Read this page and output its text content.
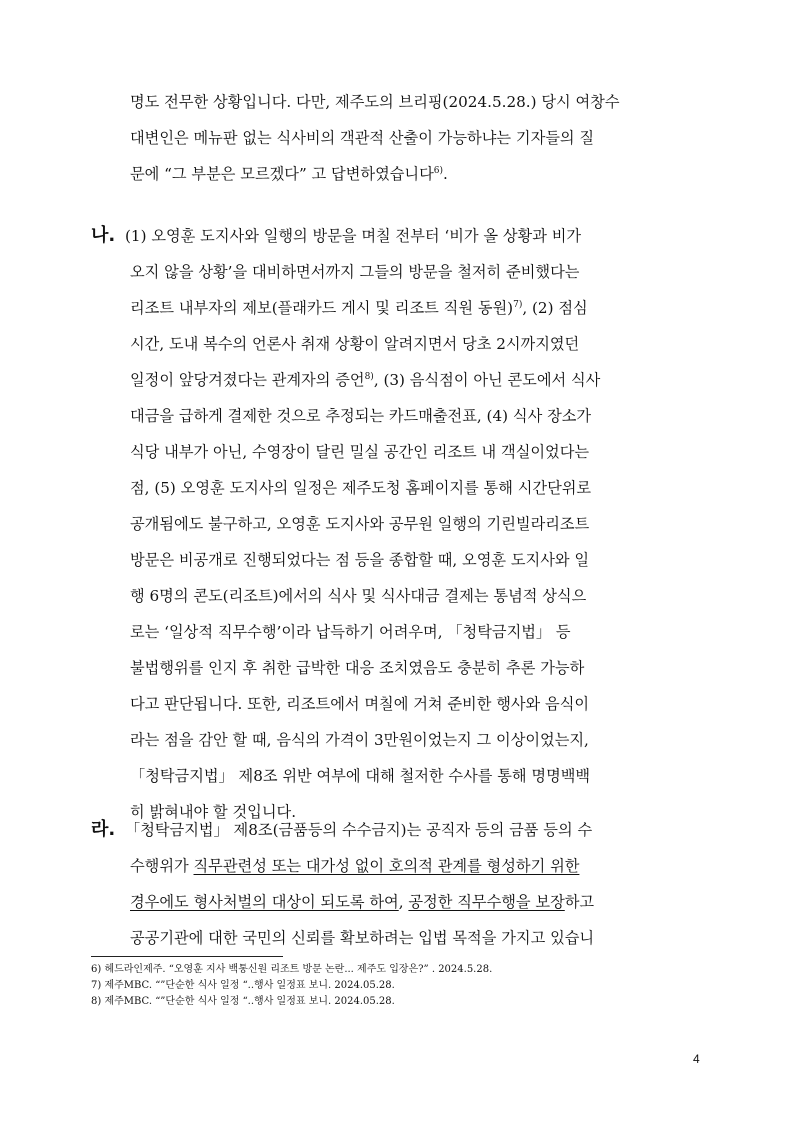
명도 전무한 상황입니다. 다만, 제주도의 브리핑(2024.5.28.) 당시 여창수
대변인은 메뉴판 없는 식사비의 객관적 산출이 가능하냐는 기자들의 질
문에 “그 부분은 모르겠다” 고 답변하였습니다$^{6)}$.
나. (1) 오영훈 도지사와 일행의 방문을 며칠 전부터 ‘비가 올 상황과 비가
오지 않을 상황’을 대비하면서까지 그들의 방문을 철저히 준비했다는
리조트 내부자의 제보(플래카드 게시 및 리조트 직원 동원)$^{7)}$, (2) 점심
시간, 도내 복수의 언론사 취재 상황이 알려지면서 당초 2시까지였던
일정이 앞당겨졌다는 관계자의 증언$^{8)}$, (3) 음식점이 아닌 콘도에서 식사
대금을 급하게 결제한 것으로 추정되는 카드매출전표, (4) 식사 장소가
식당 내부가 아닌, 수영장이 달린 밀실 공간인 리조트 내 객실이었다는
점, (5) 오영훈 도지사의 일정은 제주도청 홈페이지를 통해 시간단위로
공개됨에도 불구하고, 오영훈 도지사와 공무원 일행의 기린빌라리조트
방문은 비공개로 진행되었다는 점 등을 종합할 때, 오영훈 도지사와 일
행 6명의 콘도(리조트)에서의 식사 및 식사대금 결제는 통념적 상식으
로는 ‘일상적 직무수행’이라 납득하기 어려우며, 「청탁금지법」 등
불법행위를 인지 후 취한 급박한 대응 조치였음도 충분히 추론 가능하
다고 판단됩니다. 또한, 리조트에서 며칠에 거쳐 준비한 행사와 음식이
라는 점을 감안 할 때, 음식의 가격이 3만원이었는지 그 이상이었는지,
「청탁금지법」 제8조 위반 여부에 대해 철저한 수사를 통해 명명백백
히 밝혀내야 할 것입니다.
라. 「청탁금지법」 제8조(금품등의 수수금지)는 공직자 등의 금품 등의 수
수행위가 직무관련성 또는 대가성 없이 호의적 관계를 형성하기 위한
경우에도 형사처벌의 대상이 되도록 하여, 공정한 직무수행을 보장하고
공공기관에 대한 국민의 신뢰를 확보하려는 입법 목적을 가지고 있습니
6) 헤드라인제주. “오영훈 지사 백통신원 리조트 방문 논란... 제주도 입장은?” . 2024.5.28.
7) 제주MBC. “”단순한 식사 일정 “..행사 일정표 보니. 2024.05.28.
8) 제주MBC. “”단순한 식사 일정 “..행사 일정표 보니. 2024.05.28.
4
